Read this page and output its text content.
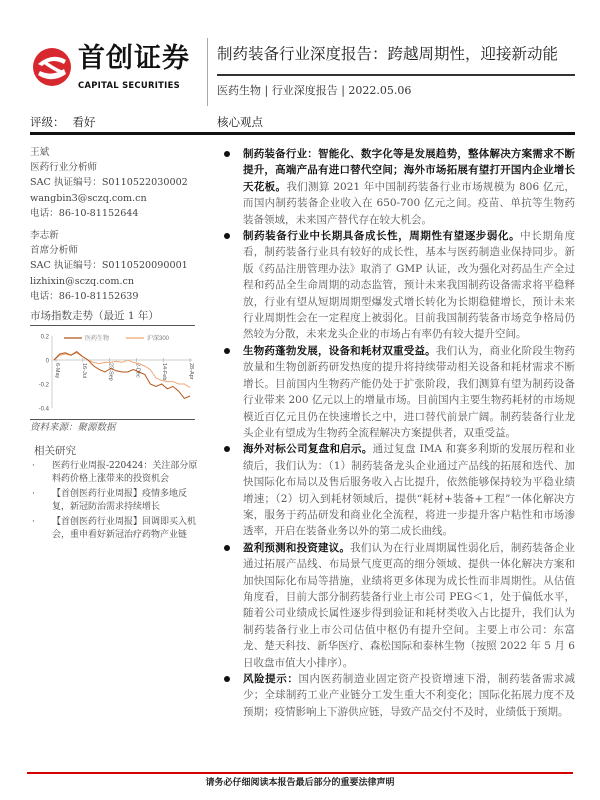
首创证券
CAPITAL SECURITIES
制药装备行业深度报告：跨越周期性，迎接新动能
医药生物 | 行业深度报告 | 2022.05.06
评级： 看好	核心观点
王斌
医药行业分析师
SAC 执证编号：S0110522030002
wangbin3@sczq.com.cn
电话：86-10-81152644
李志新
首席分析师
SAC 执证编号：S0110520090001
lizhixin@sczq.com.cn
电话：86-10-81152639
市场指数走势（最近 1 年）
0.2
0
-0.2
-0.4
6-May	16-Jul	23-Sep	2-Dec	14-Feb	28-Apr
医药生物	沪深300
资料来源：聚源数据
相关研究
· 医药行业周报-220424：关注部分原料药价格上涨带来的投资机会
· 【首创医药行业周报】疫情多地反复，新冠防治需求持续增长
· 【首创医药行业周报】回调即买入机会，重申看好新冠治疗药物产业链
制药装备行业：智能化、数字化等是发展趋势，整体解决方案需求不断提升，高端产品有进口替代空间；海外市场拓展有望打开国内企业增长天花板。我们测算 2021 年中国制药装备行业市场规模为 806 亿元，而国内制药装备企业收入在 650-700 亿元之间。疫苗、单抗等生物药装备领域，未来国产替代存在较大机会。
制药装备行业中长期具备成长性，周期性有望逐步弱化。中长期角度看，制药装备行业具有较好的成长性，基本与医药制造业保持同步。新版《药品注册管理办法》取消了 GMP 认证，改为强化对药品生产全过程和药品全生命周期的动态监管，预计未来我国制药设备需求将平稳释放，行业有望从短期周期型爆发式增长转化为长期稳健增长，预计未来行业周期性会在一定程度上被弱化。目前我国制药装备市场竞争格局仍然较为分散，未来龙头企业的市场占有率仍有较大提升空间。
生物药蓬勃发展，设备和耗材双重受益。我们认为，商业化阶段生物药放量和生物创新药研发热度的提升将持续带动相关设备和耗材需求不断增长。目前国内生物药产能仍处于扩张阶段，我们测算有望为制药设备行业带来 200 亿元以上的增量市场。目前国内主要生物药耗材的市场规模近百亿元且仍在快速增长之中，进口替代前景广阔。制药装备行业龙头企业有望成为生物药全流程解决方案提供者，双重受益。
海外对标公司复盘和启示。通过复盘 IMA 和赛多利斯的发展历程和业绩后，我们认为：（1）制药装备龙头企业通过产品线的拓展和迭代、加快国际化布局以及售后服务收入占比提升，依然能够保持较为平稳业绩增速；（2）切入到耗材领域后，提供“耗材+装备+工程”一体化解决方案，服务于药品研发和商业化全流程，将进一步提升客户粘性和市场渗透率，开启在装备业务以外的第二成长曲线。
盈利预测和投资建议。我们认为在行业周期属性弱化后，制药装备企业通过拓展产品线、布局景气度更高的细分领域、提供一体化解决方案和加快国际化布局等措施，业绩将更多体现为成长性而非周期性。从估值角度看，目前大部分制药装备行业上市公司 PEG＜1，处于偏低水平，随着公司业绩成长属性逐步得到验证和耗材类收入占比提升，我们认为制药装备行业上市公司估值中枢仍有提升空间。主要上市公司：东富龙、楚天科技、新华医疗、森松国际和泰林生物（按照 2022 年 5 月 6 日收盘市值大小排序）。
风险提示：国内医药制造业固定资产投资增速下滑，制药装备需求减少；全球制药工业产业链分工发生重大不利变化；国际化拓展力度不及预期；疫情影响上下游供应链，导致产品交付不及时，业绩低于预期。
请务必仔细阅读本报告最后部分的重要法律声明
